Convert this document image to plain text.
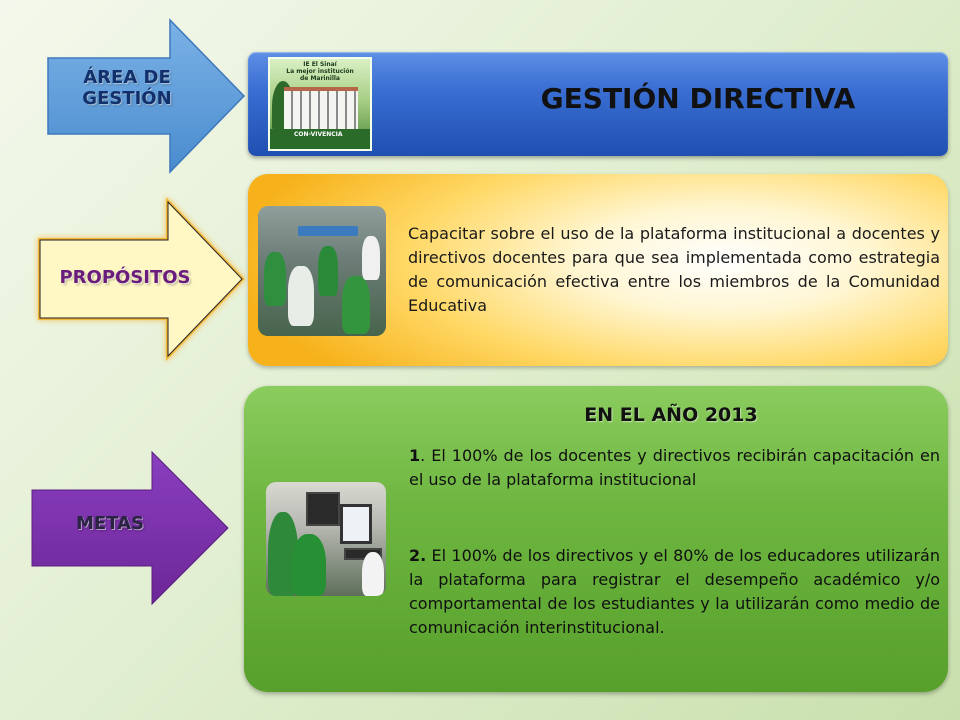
ÁREA DE
GESTIÓN
IE El Sinaí
La mejor institución
de Marinilla
CON-VIVENCIA
GESTIÓN DIRECTIVA
PROPÓSITOS
Capacitar sobre el uso de la plataforma institucional a docentes y directivos docentes para que sea implementada como estrategia de comunicación efectiva entre los miembros de la Comunidad Educativa
METAS
EN EL AÑO 2013
1. El 100% de los docentes y directivos recibirán capacitación en el uso de la plataforma institucional
2. El 100% de los directivos y el 80% de los educadores utilizarán la plataforma para registrar el desempeño académico y/o comportamental de los estudiantes y la utilizarán como medio de comunicación interinstitucional.
